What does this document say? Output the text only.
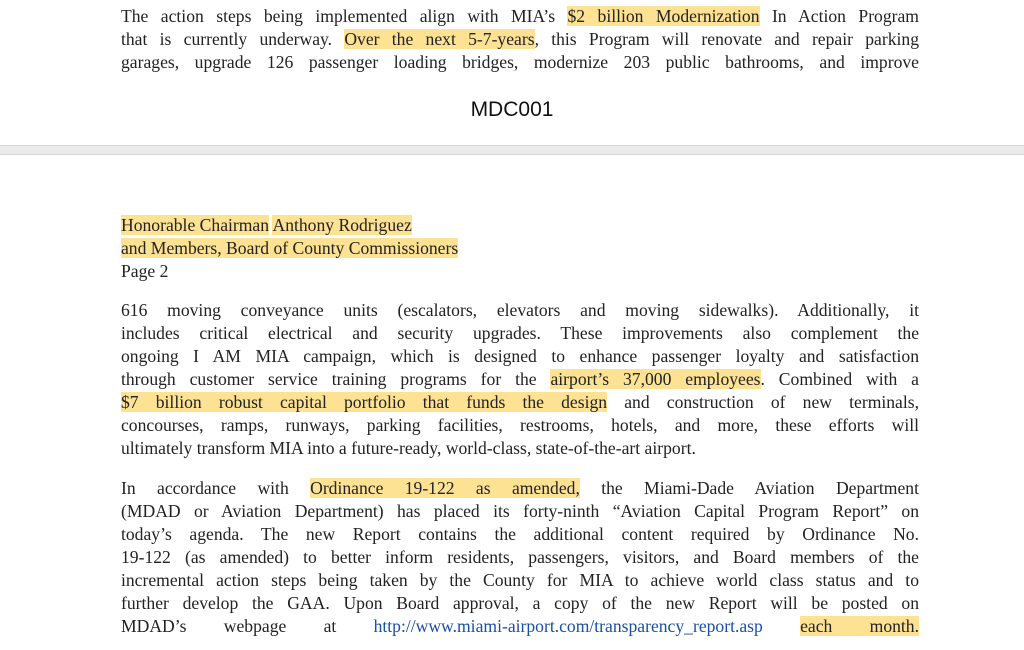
The action steps being implemented align with MIA’s $2 billion Modernization In Action Program
that is currently underway. Over the next 5-7-years, this Program will renovate and repair parking
garages, upgrade 126 passenger loading bridges, modernize 203 public bathrooms, and improve
MDC001
Honorable Chairman Anthony Rodriguez
and Members, Board of County Commissioners
Page 2
616 moving conveyance units (escalators, elevators and moving sidewalks). Additionally, it
includes critical electrical and security upgrades. These improvements also complement the
ongoing I AM MIA campaign, which is designed to enhance passenger loyalty and satisfaction
through customer service training programs for the airport’s 37,000 employees. Combined with a
$7 billion robust capital portfolio that funds the design and construction of new terminals,
concourses, ramps, runways, parking facilities, restrooms, hotels, and more, these efforts will
ultimately transform MIA into a future-ready, world-class, state-of-the-art airport.
In accordance with Ordinance 19-122 as amended, the Miami-Dade Aviation Department
(MDAD or Aviation Department) has placed its forty-ninth “Aviation Capital Program Report” on
today’s agenda. The new Report contains the additional content required by Ordinance No.
19-122 (as amended) to better inform residents, passengers, visitors, and Board members of the
incremental action steps being taken by the County for MIA to achieve world class status and to
further develop the GAA. Upon Board approval, a copy of the new Report will be posted on
MDAD’s webpage at http://www.miami-airport.com/transparency_report.asp each month.
